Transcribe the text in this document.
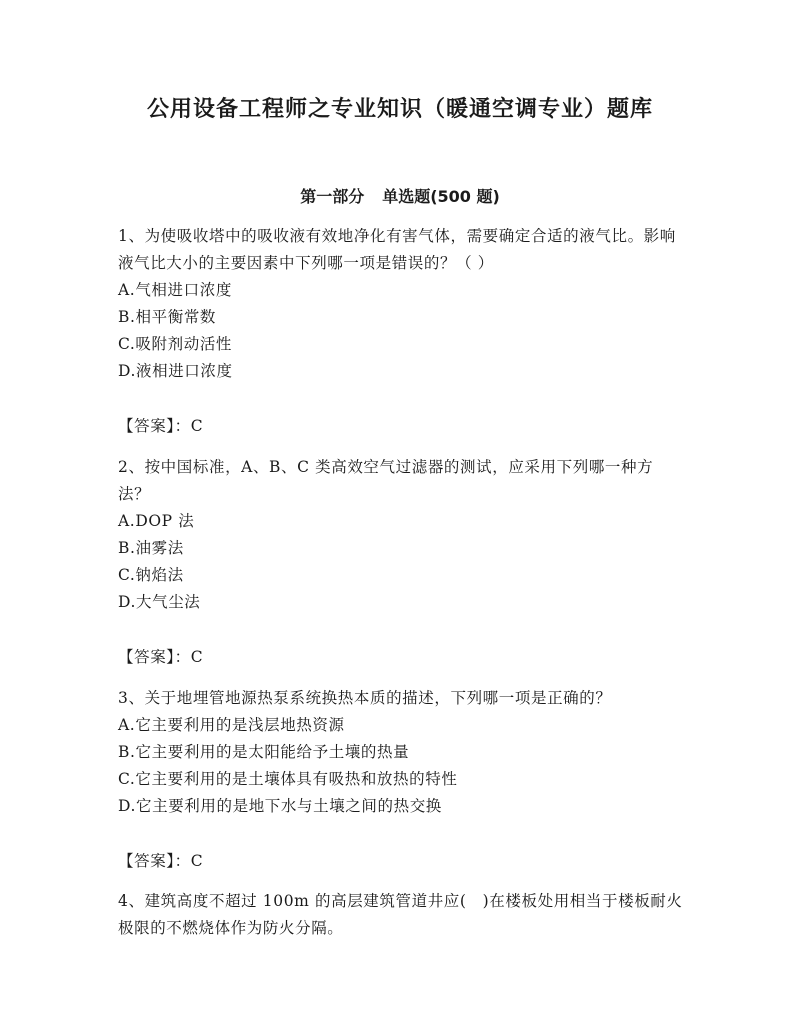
公用设备工程师之专业知识（暖通空调专业）题库
第一部分 单选题(500 题)

1、为使吸收塔中的吸收液有效地净化有害气体，需要确定合适的液气比。影响液气比大小的主要因素中下列哪一项是错误的？（ ）

A.气相进口浓度

B.相平衡常数

C.吸附剂动活性

D.液相进口浓度

【答案】：C

2、按中国标准，A、B、C 类高效空气过滤器的测试，应采用下列哪一种方法？

A.DOP 法

B.油雾法

C.钠焰法

D.大气尘法

【答案】：C

3、关于地埋管地源热泵系统换热本质的描述，下列哪一项是正确的？

A.它主要利用的是浅层地热资源

B.它主要利用的是太阳能给予土壤的热量

C.它主要利用的是土壤体具有吸热和放热的特性

D.它主要利用的是地下水与土壤之间的热交换

【答案】：C

4、建筑高度不超过 100m 的高层建筑管道井应(　)在楼板处用相当于楼板耐火极限的不燃烧体作为防火分隔。
